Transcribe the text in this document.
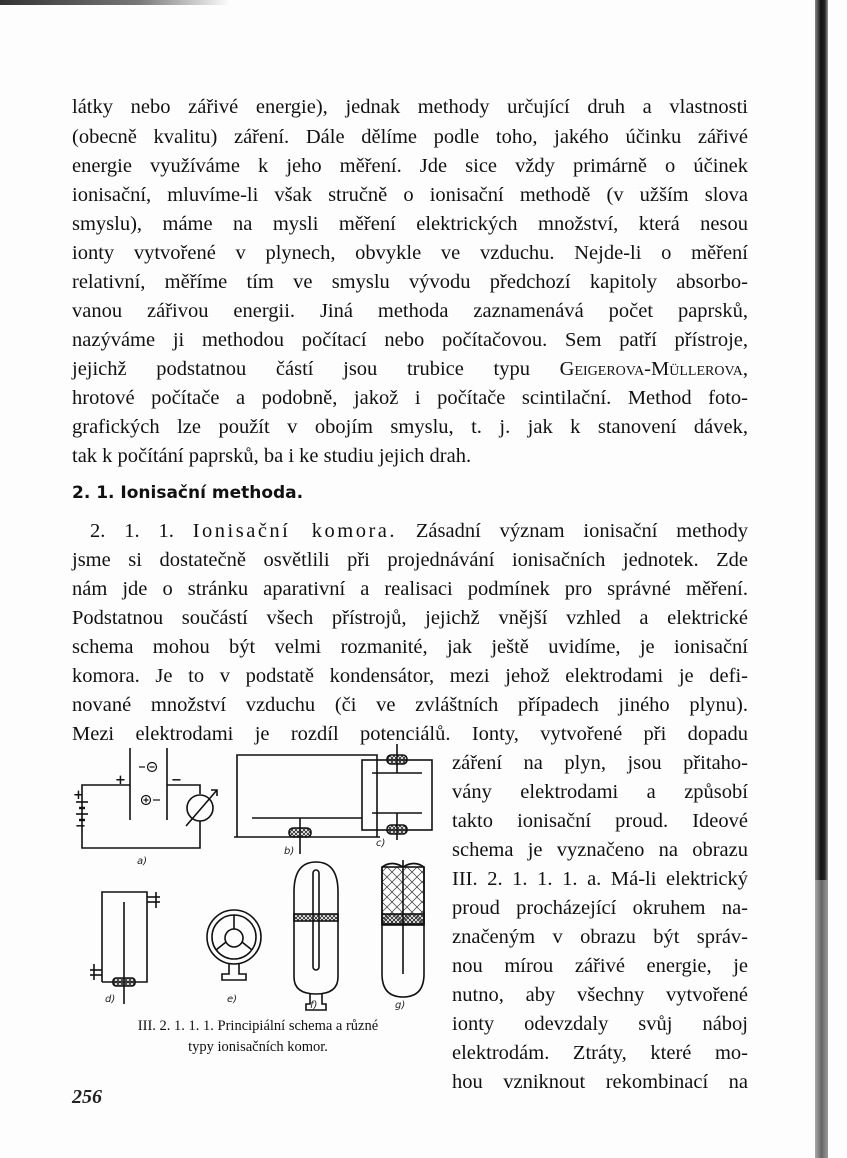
látky nebo zářivé energie), jednak methody určující druh a vlastnosti
(obecně kvalitu) záření. Dále dělíme podle toho, jakého účinku zářivé
energie využíváme k jeho měření. Jde sice vždy primárně o účinek
ionisační, mluvíme-li však stručně o ionisační methodě (v užším slova
smyslu), máme na mysli měření elektrických množství, která nesou
ionty vytvořené v plynech, obvykle ve vzduchu. Nejde-li o měření
relativní, měříme tím ve smyslu vývodu předchozí kapitoly absorbo-
vanou zářivou energii. Jiná methoda zaznamenává počet paprsků,
nazýváme ji methodou počítací nebo počítačovou. Sem patří přístroje,
jejichž podstatnou částí jsou trubice typu Geigerova-Müllerova,
hrotové počítače a podobně, jakož i počítače scintilační. Method foto-
grafických lze použít v obojím smyslu, t. j. jak k stanovení dávek,
tak k počítání paprsků, ba i ke studiu jejich drah.
2. 1. Ionisační methoda.
2. 1. 1. Ionisační komora. Zásadní význam ionisační methody
jsme si dostatečně osvětlili při projednávání ionisačních jednotek. Zde
nám jde o stránku aparativní a realisaci podmínek pro správné měření.
Podstatnou součástí všech přístrojů, jejichž vnější vzhled a elektrické
schema mohou být velmi rozmanité, jak ještě uvidíme, je ionisační
komora. Je to v podstatě kondensátor, mezi jehož elektrodami je defi-
nované množství vzduchu (či ve zvláštních případech jiného plynu).
Mezi elektrodami je rozdíl potenciálů. Ionty, vytvořené při dopadu
záření na plyn, jsou přitaho-
vány elektrodami a způsobí
takto ionisační proud. Ideové
schema je vyznačeno na obrazu
III. 2. 1. 1. 1. a. Má-li elektrický
proud procházející okruhem na-
značeným v obrazu být správ-
nou mírou zářivé energie, je
nutno, aby všechny vytvořené
ionty odevzdaly svůj náboj
elektrodám. Ztráty, které mo-
hou vzniknout rekombinací na
+	−
+
−
a)
b)
c)
d)	e)
f)	g)
III. 2. 1. 1. 1. Principiální schema a různé
typy ionisačních komor.
256
